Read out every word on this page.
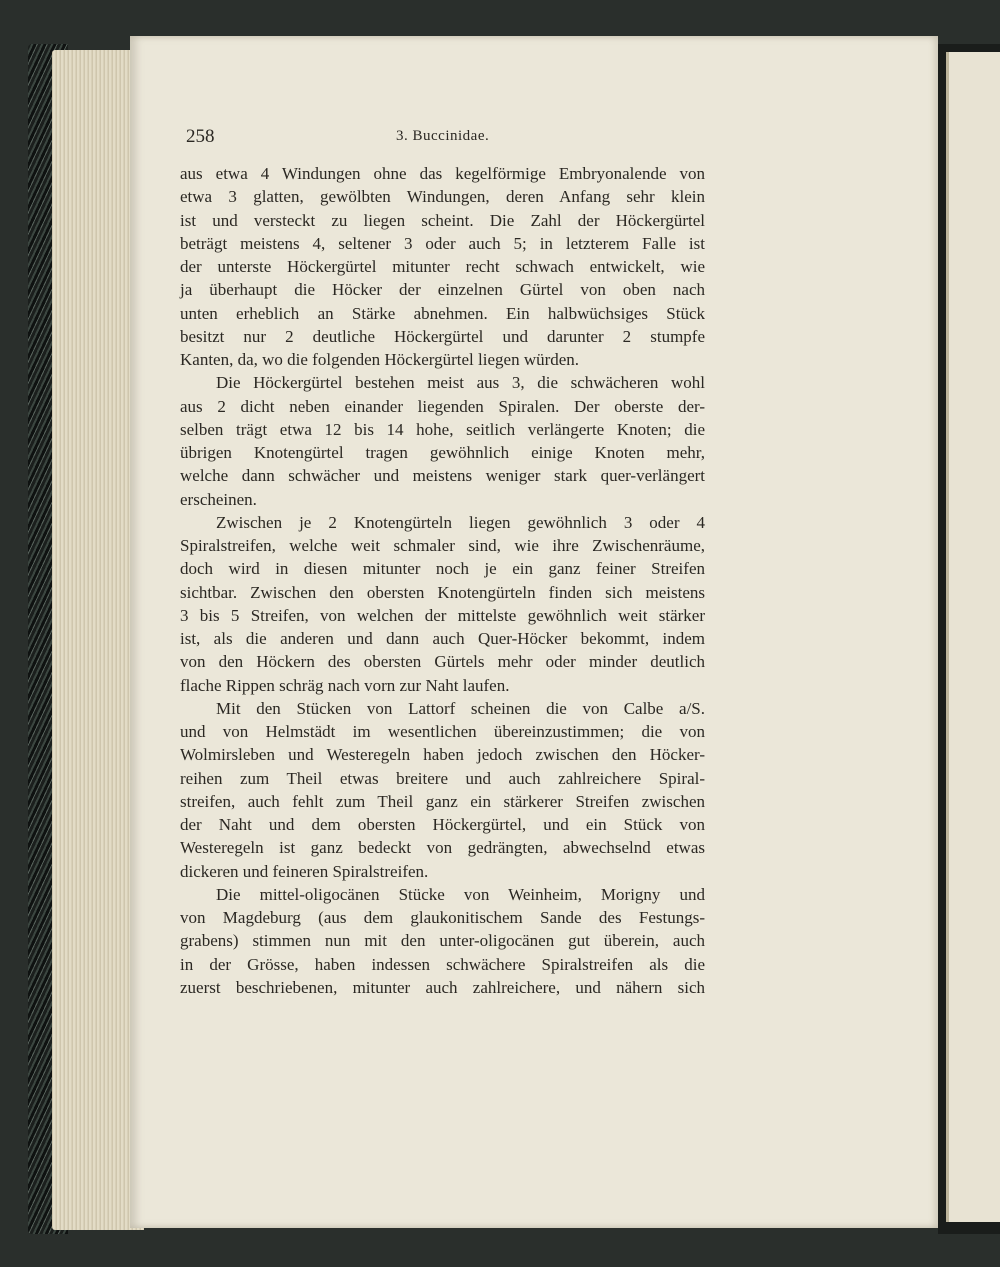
258	3. Buccinidae.
aus etwa 4 Windungen ohne das kegelförmige Embryonalende von
etwa 3 glatten, gewölbten Windungen, deren Anfang sehr klein
ist und versteckt zu liegen scheint. Die Zahl der Höckergürtel
beträgt meistens 4, seltener 3 oder auch 5; in letzterem Falle ist
der unterste Höckergürtel mitunter recht schwach entwickelt, wie
ja überhaupt die Höcker der einzelnen Gürtel von oben nach
unten erheblich an Stärke abnehmen. Ein halbwüchsiges Stück
besitzt nur 2 deutliche Höckergürtel und darunter 2 stumpfe
Kanten, da, wo die folgenden Höckergürtel liegen würden.
Die Höckergürtel bestehen meist aus 3, die schwächeren wohl
aus 2 dicht neben einander liegenden Spiralen. Der oberste der-
selben trägt etwa 12 bis 14 hohe, seitlich verlängerte Knoten; die
übrigen Knotengürtel tragen gewöhnlich einige Knoten mehr,
welche dann schwächer und meistens weniger stark quer-verlängert
erscheinen.
Zwischen je 2 Knotengürteln liegen gewöhnlich 3 oder 4
Spiralstreifen, welche weit schmaler sind, wie ihre Zwischenräume,
doch wird in diesen mitunter noch je ein ganz feiner Streifen
sichtbar. Zwischen den obersten Knotengürteln finden sich meistens
3 bis 5 Streifen, von welchen der mittelste gewöhnlich weit stärker
ist, als die anderen und dann auch Quer-Höcker bekommt, indem
von den Höckern des obersten Gürtels mehr oder minder deutlich
flache Rippen schräg nach vorn zur Naht laufen.
Mit den Stücken von Lattorf scheinen die von Calbe a/S.
und von Helmstädt im wesentlichen übereinzustimmen; die von
Wolmirsleben und Westeregeln haben jedoch zwischen den Höcker-
reihen zum Theil etwas breitere und auch zahlreichere Spiral-
streifen, auch fehlt zum Theil ganz ein stärkerer Streifen zwischen
der Naht und dem obersten Höckergürtel, und ein Stück von
Westeregeln ist ganz bedeckt von gedrängten, abwechselnd etwas
dickeren und feineren Spiralstreifen.
Die mittel-oligocänen Stücke von Weinheim, Morigny und
von Magdeburg (aus dem glaukonitischem Sande des Festungs-
grabens) stimmen nun mit den unter-oligocänen gut überein, auch
in der Grösse, haben indessen schwächere Spiralstreifen als die
zuerst beschriebenen, mitunter auch zahlreichere, und nähern sich
